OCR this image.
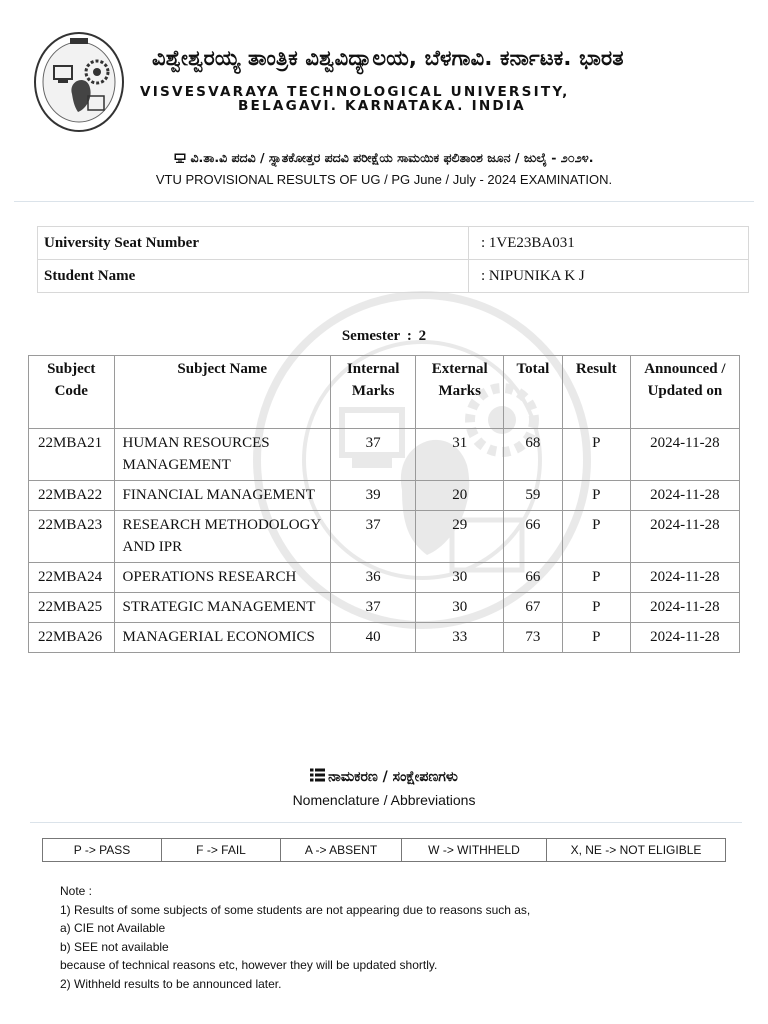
ವಿಶ್ವೇಶ್ವರಯ್ಯ ತಾಂತ್ರಿಕ ವಿಶ್ವವಿದ್ಯಾಲಯ, ಬೆಳಗಾವಿ. ಕರ್ನಾಟಕ. ಭಾರತ
VISVESVARAYA TECHNOLOGICAL UNIVERSITY,
BELAGAVI. KARNATAKA. INDIA
ವಿ.ತಾ.ವಿ ಪದವಿ / ಸ್ನಾತಕೋತ್ತರ ಪದವಿ ಪರೀಕ್ಷೆಯ ಸಾಮಯಿಕ ಫಲಿತಾಂಶ ಜೂನ / ಜುಲೈ - ೨೦೨೪.
VTU PROVISIONAL RESULTS OF UG / PG June / July - 2024 EXAMINATION.
University Seat Number	: 1VE23BA031
Student Name	: NIPUNIKA K J
Semester : 2
Subject Code	Subject Name	Internal Marks	External Marks	Total	Result	Announced / Updated on
22MBA21	HUMAN RESOURCES MANAGEMENT	37	31	68	P	2024-11-28
22MBA22	FINANCIAL MANAGEMENT	39	20	59	P	2024-11-28
22MBA23	RESEARCH METHODOLOGY AND IPR	37	29	66	P	2024-11-28
22MBA24	OPERATIONS RESEARCH	36	30	66	P	2024-11-28
22MBA25	STRATEGIC MANAGEMENT	37	30	67	P	2024-11-28
22MBA26	MANAGERIAL ECONOMICS	40	33	73	P	2024-11-28
ನಾಮಕರಣ / ಸಂಕ್ಷೇಪಣಗಳು
Nomenclature / Abbreviations
P -> PASS	F -> FAIL	A -> ABSENT	W -> WITHHELD	X, NE -> NOT ELIGIBLE
Note :
1) Results of some subjects of some students are not appearing due to reasons such as,
a) CIE not Available
b) SEE not available
because of technical reasons etc, however they will be updated shortly.
2) Withheld results to be announced later.
